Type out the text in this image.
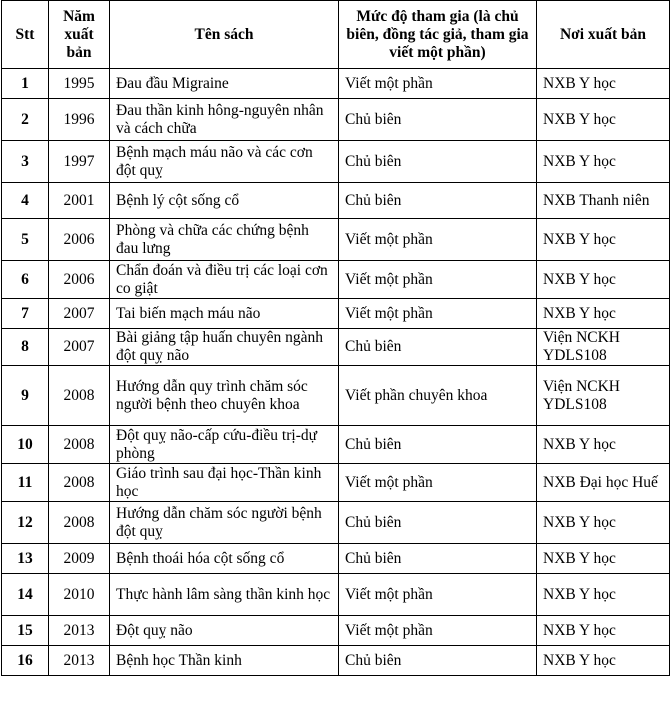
Stt	Năm xuất bản	Tên sách	Mức độ tham gia (là chủ biên, đồng tác giả, tham gia viết một phần)	Nơi xuất bản
1	1995	Đau đầu Migraine	Viết một phần	NXB Y học
2	1996	Đau thần kinh hông-nguyên nhân và cách chữa	Chủ biên	NXB Y học
3	1997	Bệnh mạch máu não và các cơn đột quỵ	Chủ biên	NXB Y học
4	2001	Bệnh lý cột sống cổ	Chủ biên	NXB Thanh niên
5	2006	Phòng và chữa các chứng bệnh đau lưng	Viết một phần	NXB Y học
6	2006	Chẩn đoán và điều trị các loại cơn co giật	Viết một phần	NXB Y học
7	2007	Tai biến mạch máu não	Viết một phần	NXB Y học
8	2007	Bài giảng tập huấn chuyên ngành đột quỵ não	Chủ biên	Viện NCKH YDLS108
9	2008	Hướng dẫn quy trình chăm sóc người bệnh theo chuyên khoa	Viết phần chuyên khoa	Viện NCKH YDLS108
10	2008	Đột quỵ não-cấp cứu-điều trị-dự phòng	Chủ biên	NXB Y học
11	2008	Giáo trình sau đại học-Thần kinh học	Viết một phần	NXB Đại học Huế
12	2008	Hướng dẫn chăm sóc người bệnh đột quỵ	Chủ biên	NXB Y học
13	2009	Bệnh thoái hóa cột sống cổ	Chủ biên	NXB Y học
14	2010	Thực hành lâm sàng thần kinh học	Viết một phần	NXB Y học
15	2013	Đột quỵ não	Viết một phần	NXB Y học
16	2013	Bệnh học Thần kinh	Chủ biên	NXB Y học
